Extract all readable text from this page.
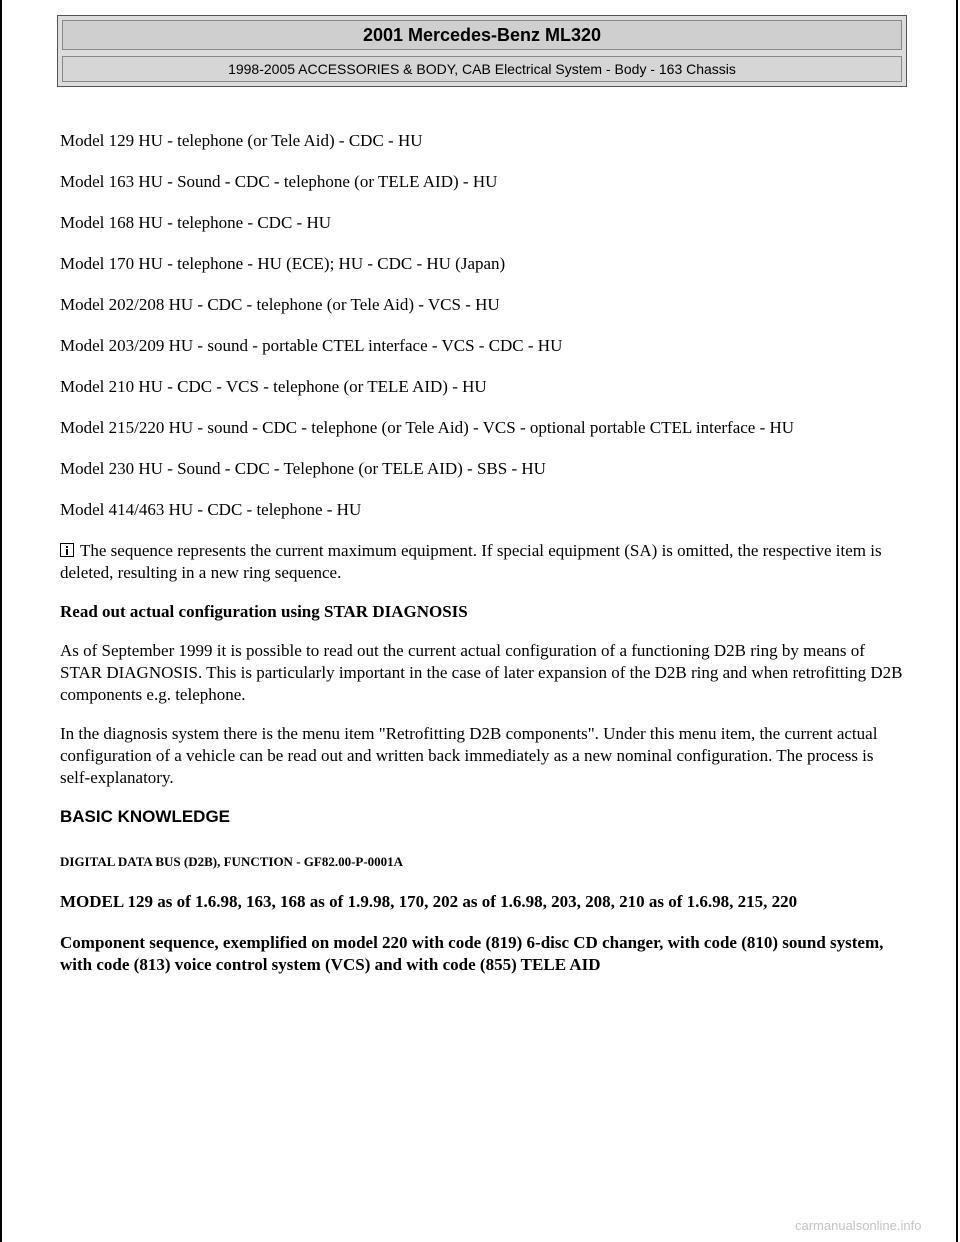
2001 Mercedes-Benz ML320
1998-2005 ACCESSORIES & BODY, CAB Electrical System - Body - 163 Chassis

Model 129 HU - telephone (or Tele Aid) - CDC - HU

Model 163 HU - Sound - CDC - telephone (or TELE AID) - HU

Model 168 HU - telephone - CDC - HU

Model 170 HU - telephone - HU (ECE); HU - CDC - HU (Japan)

Model 202/208 HU - CDC - telephone (or Tele Aid) - VCS - HU

Model 203/209 HU - sound - portable CTEL interface - VCS - CDC - HU

Model 210 HU - CDC - VCS - telephone (or TELE AID) - HU

Model 215/220 HU - sound - CDC - telephone (or Tele Aid) - VCS - optional portable CTEL interface - HU

Model 230 HU - Sound - CDC - Telephone (or TELE AID) - SBS - HU

Model 414/463 HU - CDC - telephone - HU

The sequence represents the current maximum equipment. If special equipment (SA) is omitted, the respective item is deleted, resulting in a new ring sequence.

Read out actual configuration using STAR DIAGNOSIS

As of September 1999 it is possible to read out the current actual configuration of a functioning D2B ring by means of STAR DIAGNOSIS. This is particularly important in the case of later expansion of the D2B ring and when retrofitting D2B components e.g. telephone.

In the diagnosis system there is the menu item "Retrofitting D2B components". Under this menu item, the current actual configuration of a vehicle can be read out and written back immediately as a new nominal configuration. The process is self-explanatory.

BASIC KNOWLEDGE

DIGITAL DATA BUS (D2B), FUNCTION - GF82.00-P-0001A

MODEL 129 as of 1.6.98, 163, 168 as of 1.9.98, 170, 202 as of 1.6.98, 203, 208, 210 as of 1.6.98, 215, 220

Component sequence, exemplified on model 220 with code (819) 6-disc CD changer, with code (810) sound system, with code (813) voice control system (VCS) and with code (855) TELE AID

carmanualsonline.info
